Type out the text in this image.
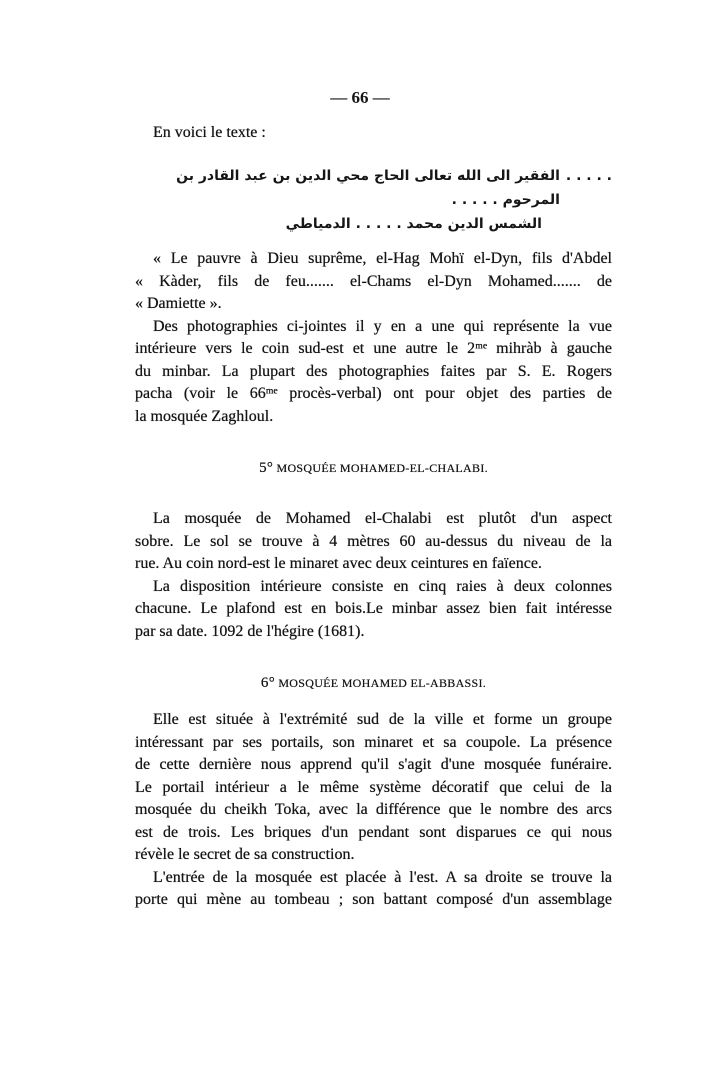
— 66 —
En voici le texte :
. . . . .
الفقير الى الله تعالى الحاج محي الدين بن عبد القادر بن المرحوم . . . . .
الشمس الدين محمد . . . . . الدمياطي
« Le pauvre à Dieu suprême, el-Hag Mohï el-Dyn, fils d'Abdel
« Kàder, fils de feu....... el-Chams el-Dyn Mohamed....... de
« Damiette ».
Des photographies ci-jointes il y en a une qui représente la vue
intérieure vers le coin sud-est et une autre le 2ᵐᵉ mihràb à gauche
du minbar. La plupart des photographies faites par S. E. Rogers
pacha (voir le 66ᵐᵉ procès-verbal) ont pour objet des parties de
la mosquée Zaghloul.
5° MOSQUÉE MOHAMED-EL-CHALABI.
La mosquée de Mohamed el-Chalabi est plutôt d'un aspect
sobre. Le sol se trouve à 4 mètres 60 au-dessus du niveau de la
rue. Au coin nord-est le minaret avec deux ceintures en faïence.
La disposition intérieure consiste en cinq raies à deux colonnes
chacune. Le plafond est en bois.Le minbar assez bien fait intéresse
par sa date. 1092 de l'hégire (1681).
6° MOSQUÉE MOHAMED EL-ABBASSI.
Elle est située à l'extrémité sud de la ville et forme un groupe
intéressant par ses portails, son minaret et sa coupole. La présence
de cette dernière nous apprend qu'il s'agit d'une mosquée funéraire.
Le portail intérieur a le même système décoratif que celui de la
mosquée du cheikh Toka, avec la différence que le nombre des arcs
est de trois. Les briques d'un pendant sont disparues ce qui nous
révèle le secret de sa construction.
L'entrée de la mosquée est placée à l'est. A sa droite se trouve la
porte qui mène au tombeau ; son battant composé d'un assemblage
